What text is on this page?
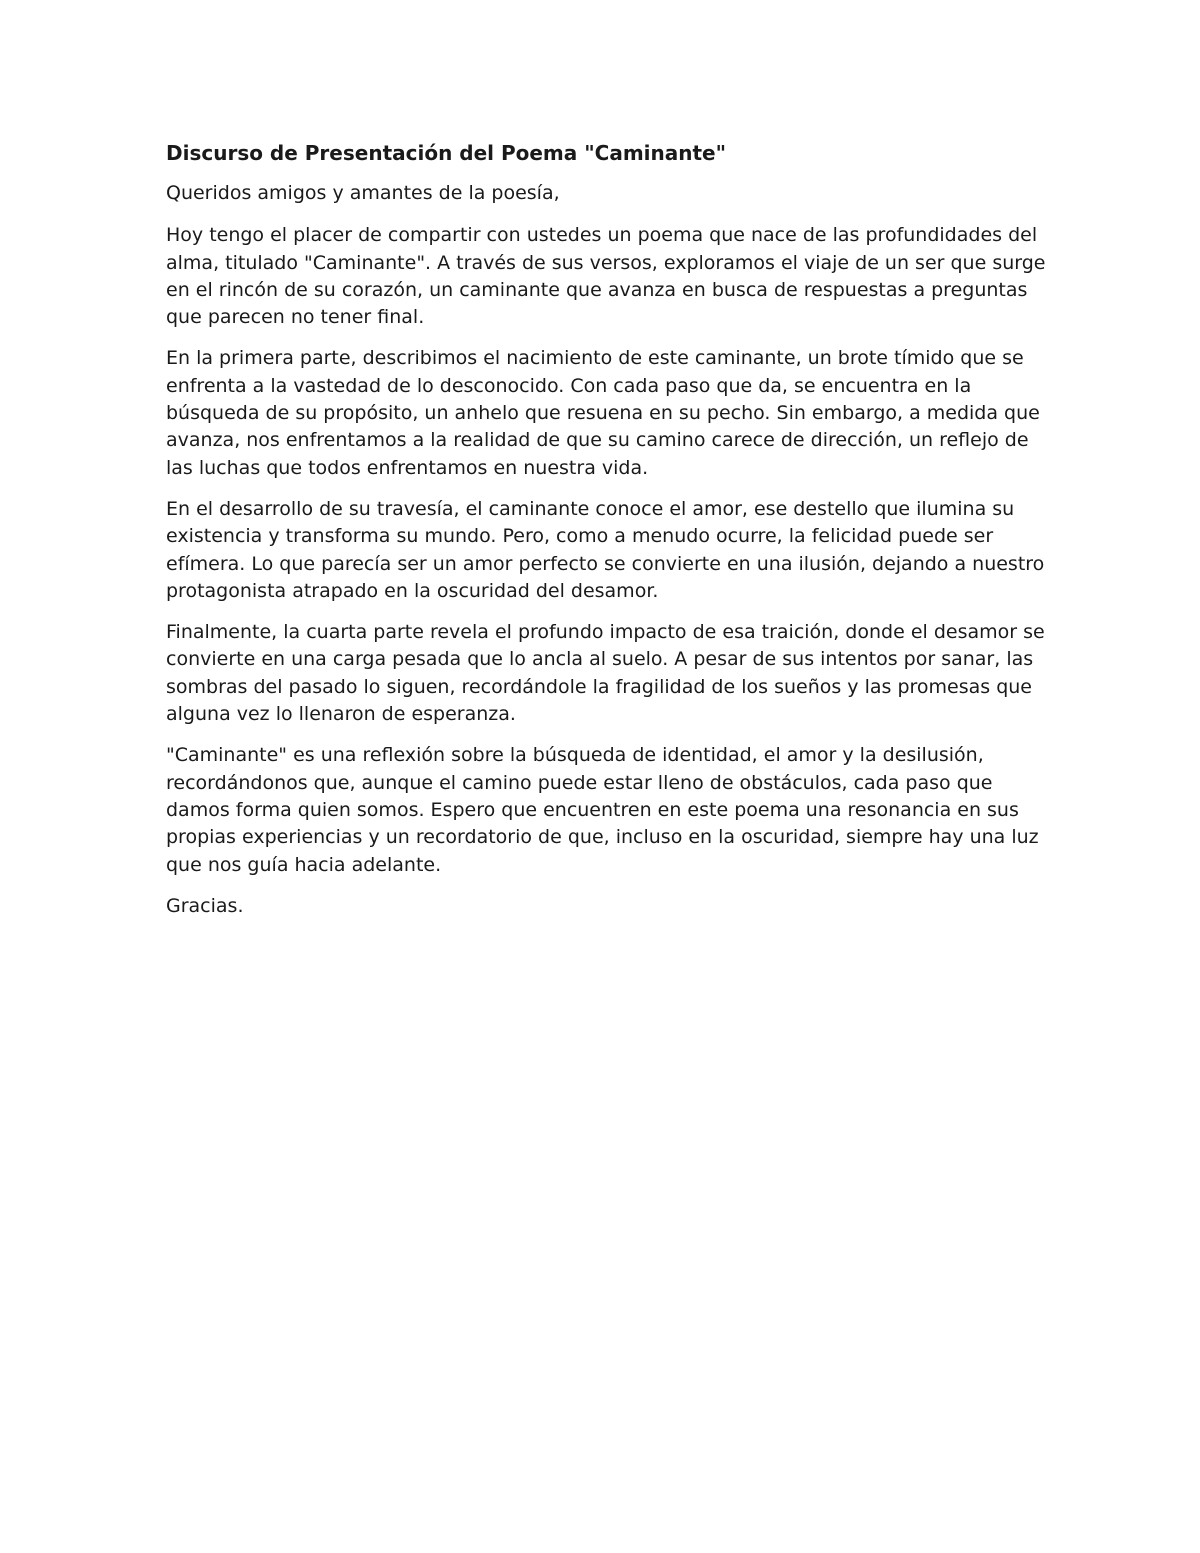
Discurso de Presentación del Poema "Caminante"

Queridos amigos y amantes de la poesía,

Hoy tengo el placer de compartir con ustedes un poema que nace de las profundidades del alma, titulado "Caminante". A través de sus versos, exploramos el viaje de un ser que surge en el rincón de su corazón, un caminante que avanza en busca de respuestas a preguntas que parecen no tener final.

En la primera parte, describimos el nacimiento de este caminante, un brote tímido que se enfrenta a la vastedad de lo desconocido. Con cada paso que da, se encuentra en la búsqueda de su propósito, un anhelo que resuena en su pecho. Sin embargo, a medida que avanza, nos enfrentamos a la realidad de que su camino carece de dirección, un reflejo de las luchas que todos enfrentamos en nuestra vida.

En el desarrollo de su travesía, el caminante conoce el amor, ese destello que ilumina su existencia y transforma su mundo. Pero, como a menudo ocurre, la felicidad puede ser efímera. Lo que parecía ser un amor perfecto se convierte en una ilusión, dejando a nuestro protagonista atrapado en la oscuridad del desamor.

Finalmente, la cuarta parte revela el profundo impacto de esa traición, donde el desamor se convierte en una carga pesada que lo ancla al suelo. A pesar de sus intentos por sanar, las sombras del pasado lo siguen, recordándole la fragilidad de los sueños y las promesas que alguna vez lo llenaron de esperanza.

"Caminante" es una reflexión sobre la búsqueda de identidad, el amor y la desilusión, recordándonos que, aunque el camino puede estar lleno de obstáculos, cada paso que damos forma quien somos. Espero que encuentren en este poema una resonancia en sus propias experiencias y un recordatorio de que, incluso en la oscuridad, siempre hay una luz que nos guía hacia adelante.

Gracias.
